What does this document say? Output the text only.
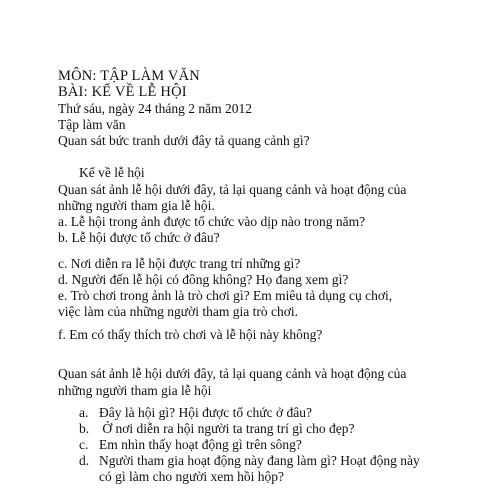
MÔN: TẬP LÀM VĂN
BÀI: KỂ VỀ LỄ HỘI
Thứ sáu, ngày 24 tháng 2 năm 2012
Tập làm văn
Quan sát bức tranh dưới đây tả quang cảnh gì?
Kể về lễ hội
Quan sát ảnh lễ hội dưới đây, tả lại quang cảnh và hoạt động của
những người tham gia lễ hội.
a. Lễ hội trong ảnh được tổ chức vào dịp nào trong năm?
b. Lễ hội được tổ chức ở đâu?
c. Nơi diễn ra lễ hội được trang trí những gì?
d. Người đến lễ hội có đông không? Họ đang xem gì?
e. Trò chơi trong ảnh là trò chơi gì? Em miêu tả dụng cụ chơi,
việc làm của những người tham gia trò chơi.
f. Em có thấy thích trò chơi và lễ hội này không?
Quan sát ảnh lễ hội dưới đây, tả lại quang cảnh và hoạt động của
những người tham gia lễ hội
a. Đây là hội gì? Hội được tổ chức ở đâu?
b. Ở nơi diễn ra hội người ta trang trí gì cho đẹp?
c. Em nhìn thấy hoạt động gì trên sông?
d. Người tham gia hoạt động này đang làm gì? Hoạt động này
có gì làm cho người xem hồi hộp?
